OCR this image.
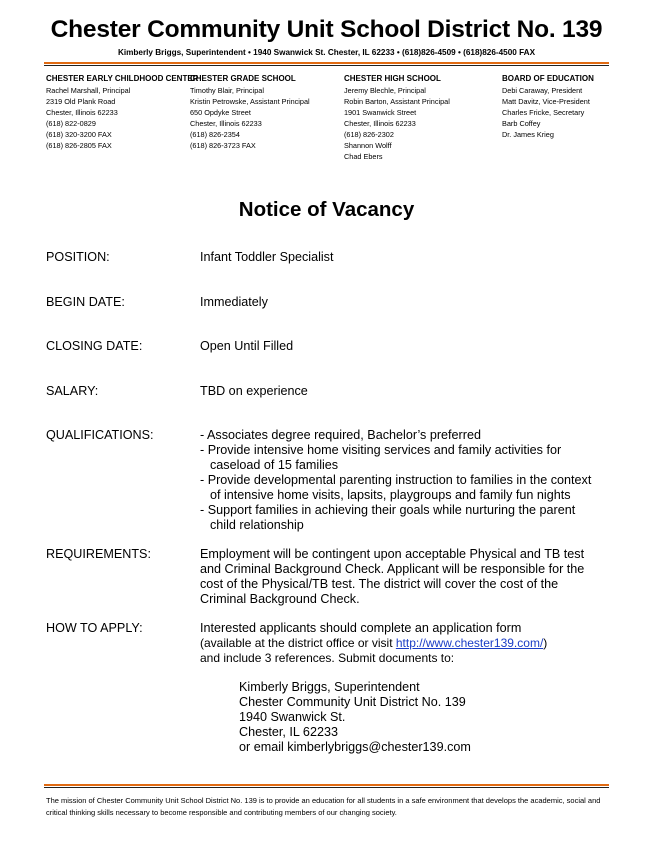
Chester Community Unit School District No. 139
Kimberly Briggs, Superintendent • 1940 Swanwick St. Chester, IL 62233 • (618)826-4509 • (618)826-4500 FAX
CHESTER EARLY CHILDHOOD CENTER
Rachel Marshall, Principal
2319 Old Plank Road
Chester, Illinois 62233
(618) 822-0829
(618) 320-3200 FAX
(618) 826-2805 FAX
CHESTER GRADE SCHOOL
Timothy Blair, Principal
Kristin Petrowske, Assistant Principal
650 Opdyke Street
Chester, Illinois 62233
(618) 826-2354
(618) 826-3723 FAX
CHESTER HIGH SCHOOL
Jeremy Blechle, Principal
Robin Barton, Assistant Principal
1901 Swanwick Street
Chester, Illinois 62233
(618) 826-2302
Shannon Wolff
Chad Ebers
BOARD OF EDUCATION
Debi Caraway, President
Matt Davitz, Vice-President
Charles Fricke, Secretary
Barb Coffey
Dr. James Krieg
Notice of Vacancy
POSITION:	Infant Toddler Specialist
BEGIN DATE:	Immediately
CLOSING DATE:	Open Until Filled
SALARY:	TBD on experience
QUALIFICATIONS:	- Associates degree required, Bachelor’s preferred
- Provide intensive home visiting services and family activities for
caseload of 15 families
- Provide developmental parenting instruction to families in the context
of intensive home visits, lapsits, playgroups and family fun nights
- Support families in achieving their goals while nurturing the parent
child relationship
REQUIREMENTS:	Employment will be contingent upon acceptable Physical and TB test
and Criminal Background Check. Applicant will be responsible for the
cost of the Physical/TB test. The district will cover the cost of the
Criminal Background Check.
HOW TO APPLY:	Interested applicants should complete an application form
(available at the district office or visit http://www.chester139.com/)
and include 3 references. Submit documents to:
Kimberly Briggs, Superintendent
Chester Community Unit District No. 139
1940 Swanwick St.
Chester, IL 62233
or email kimberlybriggs@chester139.com
The mission of Chester Community Unit School District No. 139 is to provide an education for all students in a safe environment that develops the academic, social and critical thinking skills necessary to become responsible and contributing members of our changing society.
